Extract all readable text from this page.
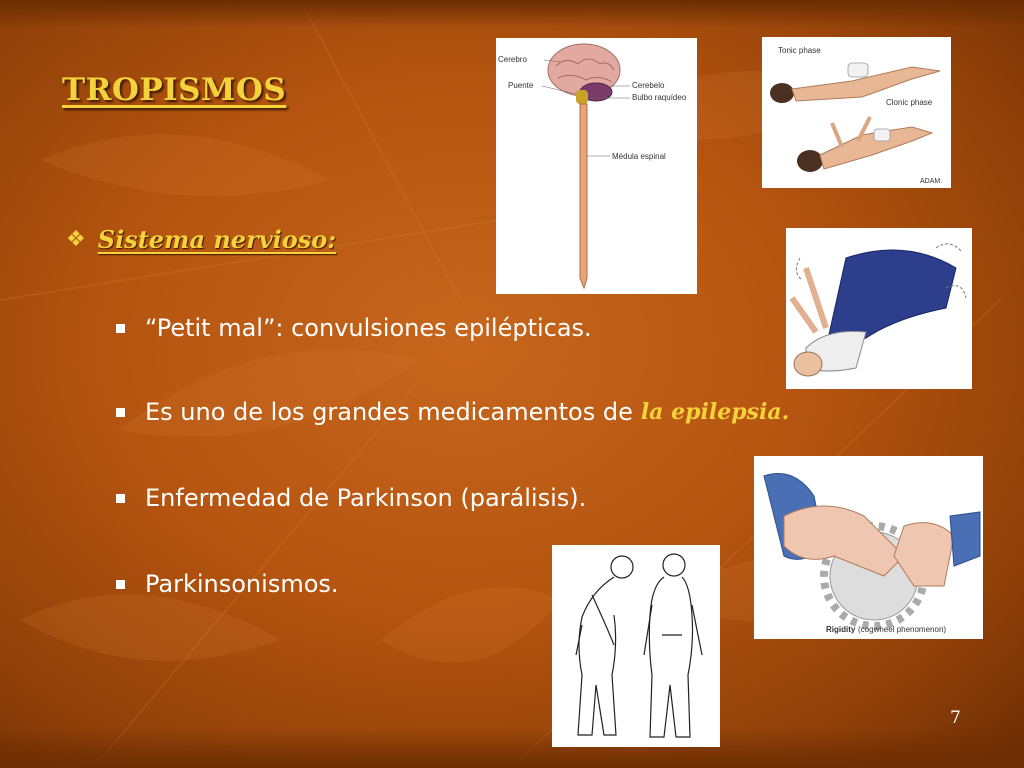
TROPISMOS
❖ Sistema nervioso:
“Petit mal”: convulsiones epilépticas.
Es uno de los grandes medicamentos de la epilepsia.
Enfermedad de Parkinson (parálisis).
Parkinsonismos.
Cerebro
Puente	Cerebelo
Bulbo raquídeo
Médula espinal
Tonic phase
Clonic phase
ADAM.
Rigidity (cogwheel phenomenon)
7
